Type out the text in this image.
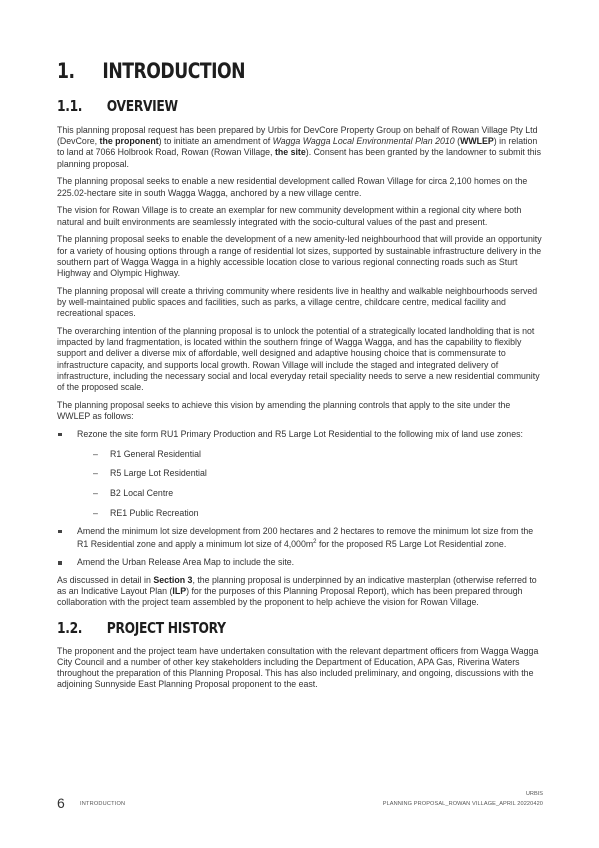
1. INTRODUCTION
1.1. OVERVIEW

This planning proposal request has been prepared by Urbis for DevCore Property Group on behalf of Rowan Village Pty Ltd (DevCore, the proponent) to initiate an amendment of Wagga Wagga Local Environmental Plan 2010 (WWLEP) in relation to land at 7066 Holbrook Road, Rowan (Rowan Village, the site). Consent has been granted by the landowner to submit this planning proposal.

The planning proposal seeks to enable a new residential development called Rowan Village for circa 2,100 homes on the 225.02-hectare site in south Wagga Wagga, anchored by a new village centre.

The vision for Rowan Village is to create an exemplar for new community development within a regional city where both natural and built environments are seamlessly integrated with the socio-cultural values of the past and present.

The planning proposal seeks to enable the development of a new amenity-led neighbourhood that will provide an opportunity for a variety of housing options through a range of residential lot sizes, supported by sustainable infrastructure delivery in the southern part of Wagga Wagga in a highly accessible location close to various regional connecting roads such as Sturt Highway and Olympic Highway.

The planning proposal will create a thriving community where residents live in healthy and walkable neighbourhoods served by well-maintained public spaces and facilities, such as parks, a village centre, childcare centre, medical facility and recreational spaces.

The overarching intention of the planning proposal is to unlock the potential of a strategically located landholding that is not impacted by land fragmentation, is located within the southern fringe of Wagga Wagga, and has the capability to flexibly support and deliver a diverse mix of affordable, well designed and adaptive housing choice that is commensurate to infrastructure capacity, and supports local growth. Rowan Village will include the staged and integrated delivery of infrastructure, including the necessary social and local everyday retail speciality needs to serve a new residential community of the proposed scale.

The planning proposal seeks to achieve this vision by amending the planning controls that apply to the site under the WWLEP as follows:

Rezone the site form RU1 Primary Production and R5 Large Lot Residential to the following mix of land use zones:
– R1 General Residential
– R5 Large Lot Residential
– B2 Local Centre
– RE1 Public Recreation
Amend the minimum lot size development from 200 hectares and 2 hectares to remove the minimum lot size from the R1 Residential zone and apply a minimum lot size of $4,000m^2$ for the proposed R5 Large Lot Residential zone.
Amend the Urban Release Area Map to include the site.

As discussed in detail in Section 3, the planning proposal is underpinned by an indicative masterplan (otherwise referred to as an Indicative Layout Plan (ILP) for the purposes of this Planning Proposal Report), which has been prepared through collaboration with the project team assembled by the proponent to help achieve the vision for Rowan Village.

1.2. PROJECT HISTORY

The proponent and the project team have undertaken consultation with the relevant department officers from Wagga Wagga City Council and a number of other key stakeholders including the Department of Education, APA Gas, Riverina Waters throughout the preparation of this Planning Proposal. This has also included preliminary, and ongoing, discussions with the adjoining Sunnyside East Planning Proposal proponent to the east.

6	INTRODUCTION
URBIS
PLANNING PROPOSAL_ROWAN VILLAGE_APRIL 20220420
